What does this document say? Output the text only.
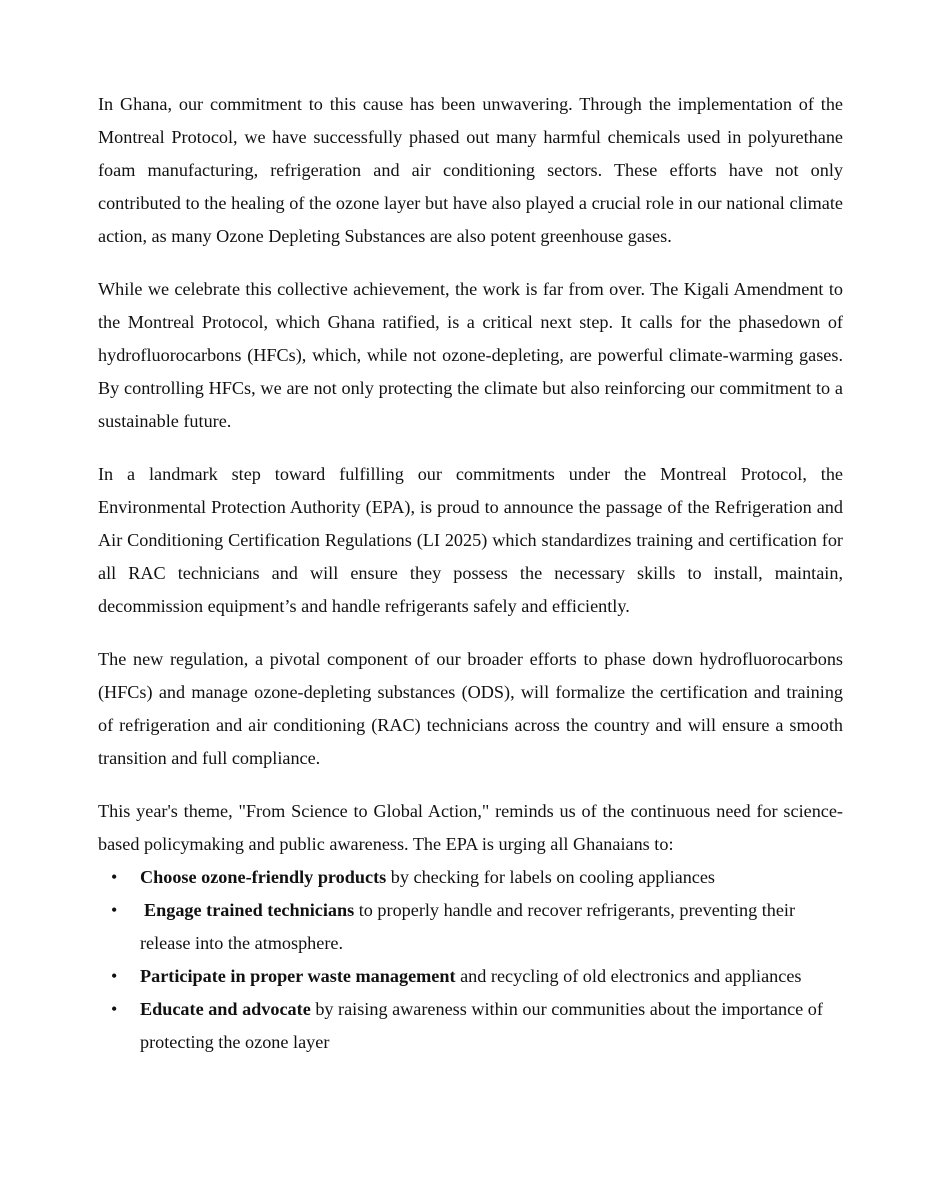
In Ghana, our commitment to this cause has been unwavering. Through the implementation of the Montreal Protocol, we have successfully phased out many harmful chemicals used in polyurethane foam manufacturing, refrigeration and air conditioning sectors. These efforts have not only contributed to the healing of the ozone layer but have also played a crucial role in our national climate action, as many Ozone Depleting Substances are also potent greenhouse gases.

While we celebrate this collective achievement, the work is far from over. The Kigali Amendment to the Montreal Protocol, which Ghana ratified, is a critical next step. It calls for the phasedown of hydrofluorocarbons (HFCs), which, while not ozone-depleting, are powerful climate-warming gases. By controlling HFCs, we are not only protecting the climate but also reinforcing our commitment to a sustainable future.

In a landmark step toward fulfilling our commitments under the Montreal Protocol, the Environmental Protection Authority (EPA), is proud to announce the passage of the Refrigeration and Air Conditioning Certification Regulations (LI 2025) which standardizes training and certification for all RAC technicians and will ensure they possess the necessary skills to install, maintain, decommission equipment’s and handle refrigerants safely and efficiently.

The new regulation, a pivotal component of our broader efforts to phase down hydrofluorocarbons (HFCs) and manage ozone-depleting substances (ODS), will formalize the certification and training of refrigeration and air conditioning (RAC) technicians across the country and will ensure a smooth transition and full compliance.

This year's theme, "From Science to Global Action," reminds us of the continuous need for science-based policymaking and public awareness. The EPA is urging all Ghanaians to:

• Choose ozone-friendly products by checking for labels on cooling appliances
• Engage trained technicians to properly handle and recover refrigerants, preventing their release into the atmosphere.
• Participate in proper waste management and recycling of old electronics and appliances
• Educate and advocate by raising awareness within our communities about the importance of protecting the ozone layer
